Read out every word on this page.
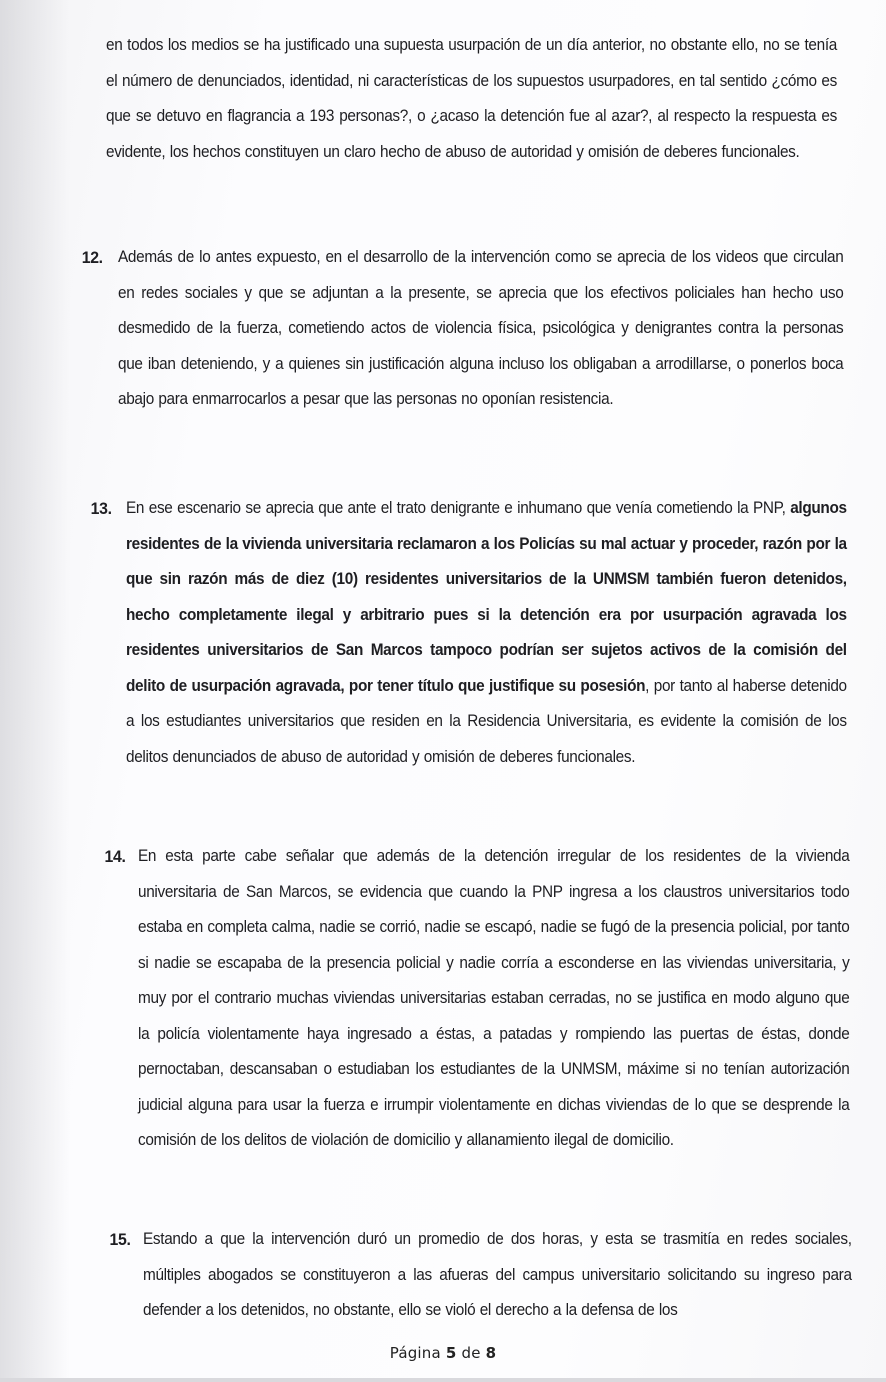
en todos los medios se ha justificado una supuesta usurpación de un día anterior, no obstante ello, no se tenía el número de denunciados, identidad, ni características de los supuestos usurpadores, en tal sentido ¿cómo es que se detuvo en flagrancia a 193 personas?, o ¿acaso la detención fue al azar?, al respecto la respuesta es evidente, los hechos constituyen un claro hecho de abuso de autoridad y omisión de deberes funcionales.
12. Además de lo antes expuesto, en el desarrollo de la intervención como se aprecia de los videos que circulan en redes sociales y que se adjuntan a la presente, se aprecia que los efectivos policiales han hecho uso desmedido de la fuerza, cometiendo actos de violencia física, psicológica y denigrantes contra la personas que iban deteniendo, y a quienes sin justificación alguna incluso los obligaban a arrodillarse, o ponerlos boca abajo para enmarrocarlos a pesar que las personas no oponían resistencia.
13. En ese escenario se aprecia que ante el trato denigrante e inhumano que venía cometiendo la PNP, algunos residentes de la vivienda universitaria reclamaron a los Policías su mal actuar y proceder, razón por la que sin razón más de diez (10) residentes universitarios de la UNMSM también fueron detenidos, hecho completamente ilegal y arbitrario pues si la detención era por usurpación agravada los residentes universitarios de San Marcos tampoco podrían ser sujetos activos de la comisión del delito de usurpación agravada, por tener título que justifique su posesión, por tanto al haberse detenido a los estudiantes universitarios que residen en la Residencia Universitaria, es evidente la comisión de los delitos denunciados de abuso de autoridad y omisión de deberes funcionales.
14. En esta parte cabe señalar que además de la detención irregular de los residentes de la vivienda universitaria de San Marcos, se evidencia que cuando la PNP ingresa a los claustros universitarios todo estaba en completa calma, nadie se corrió, nadie se escapó, nadie se fugó de la presencia policial, por tanto si nadie se escapaba de la presencia policial y nadie corría a esconderse en las viviendas universitaria, y muy por el contrario muchas viviendas universitarias estaban cerradas, no se justifica en modo alguno que la policía violentamente haya ingresado a éstas, a patadas y rompiendo las puertas de éstas, donde pernoctaban, descansaban o estudiaban los estudiantes de la UNMSM, máxime si no tenían autorización judicial alguna para usar la fuerza e irrumpir violentamente en dichas viviendas de lo que se desprende la comisión de los delitos de violación de domicilio y allanamiento ilegal de domicilio.
15. Estando a que la intervención duró un promedio de dos horas, y esta se trasmitía en redes sociales, múltiples abogados se constituyeron a las afueras del campus universitario solicitando su ingreso para defender a los detenidos, no obstante, ello se violó el derecho a la defensa de los
Página 5 de 8
